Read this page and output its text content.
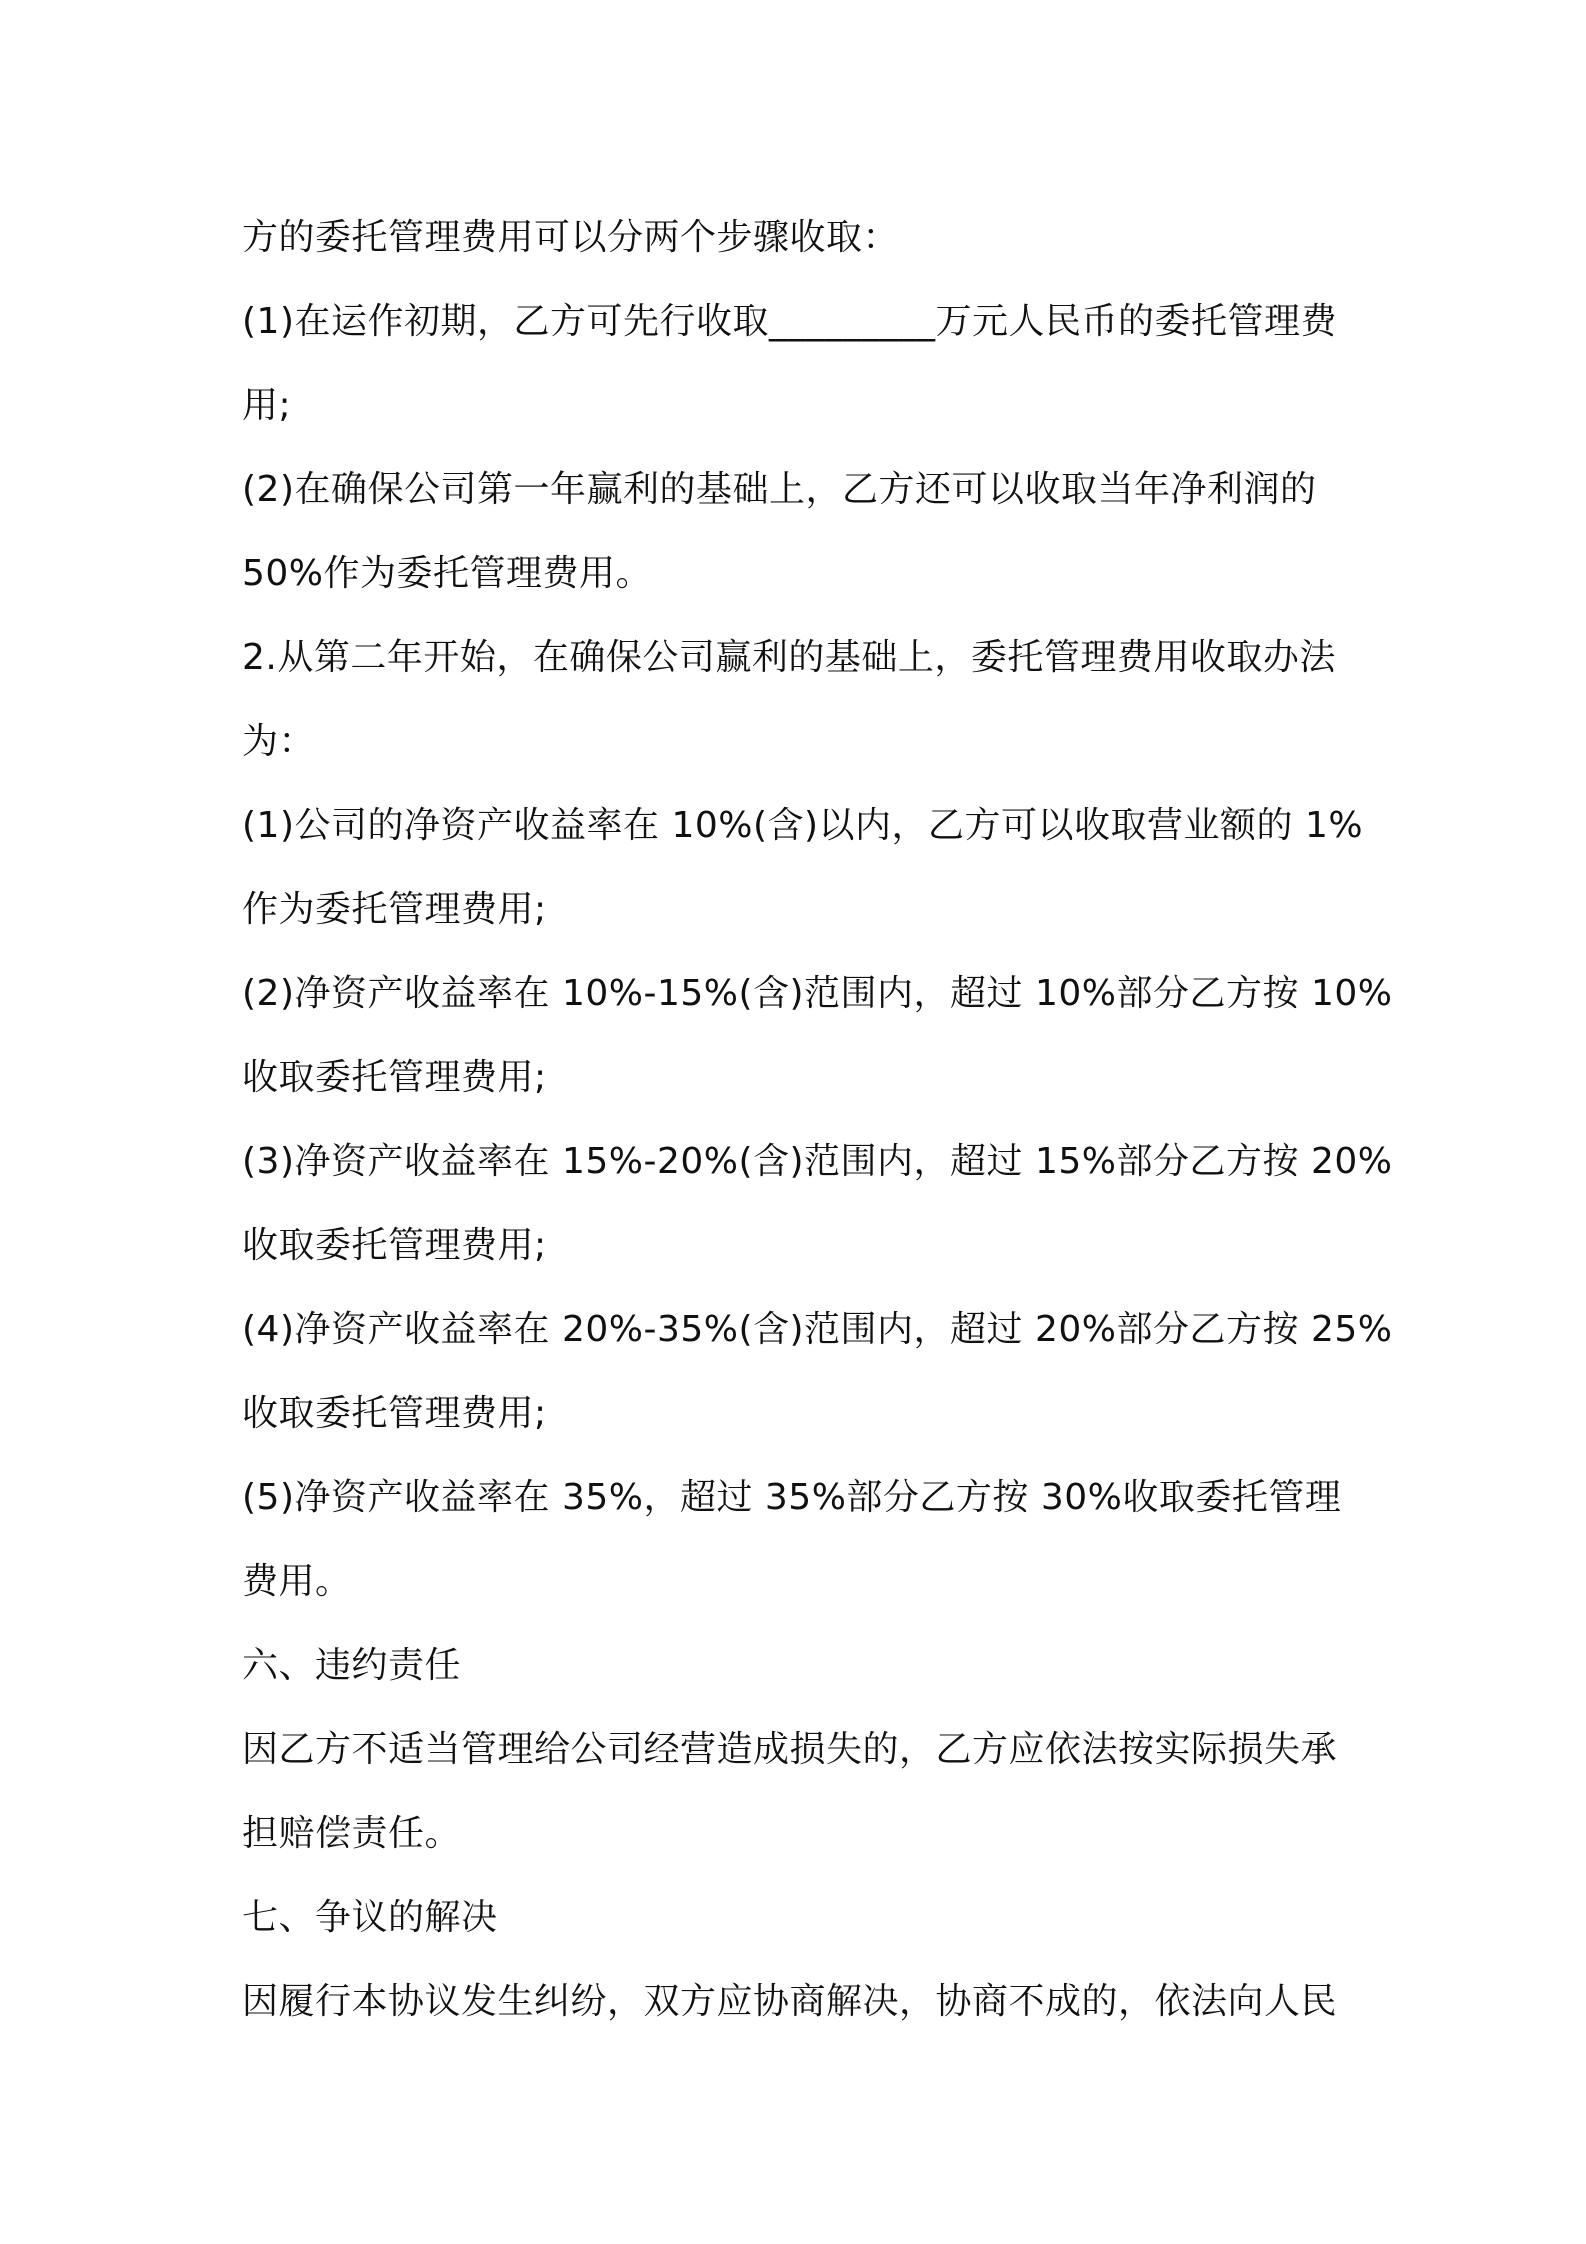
方的委托管理费用可以分两个步骤收取：
(1)在运作初期，乙方可先行收取_________万元人民币的委托管理费
用;
(2)在确保公司第一年赢利的基础上，乙方还可以收取当年净利润的
50%作为委托管理费用。
2.从第二年开始，在确保公司赢利的基础上，委托管理费用收取办法
为：
(1)公司的净资产收益率在 10%(含)以内，乙方可以收取营业额的 1%
作为委托管理费用;
(2)净资产收益率在 10%-15%(含)范围内，超过 10%部分乙方按 10%
收取委托管理费用;
(3)净资产收益率在 15%-20%(含)范围内，超过 15%部分乙方按 20%
收取委托管理费用;
(4)净资产收益率在 20%-35%(含)范围内，超过 20%部分乙方按 25%
收取委托管理费用;
(5)净资产收益率在 35%，超过 35%部分乙方按 30%收取委托管理
费用。
六、违约责任
因乙方不适当管理给公司经营造成损失的，乙方应依法按实际损失承
担赔偿责任。
七、争议的解决
因履行本协议发生纠纷，双方应协商解决，协商不成的，依法向人民
